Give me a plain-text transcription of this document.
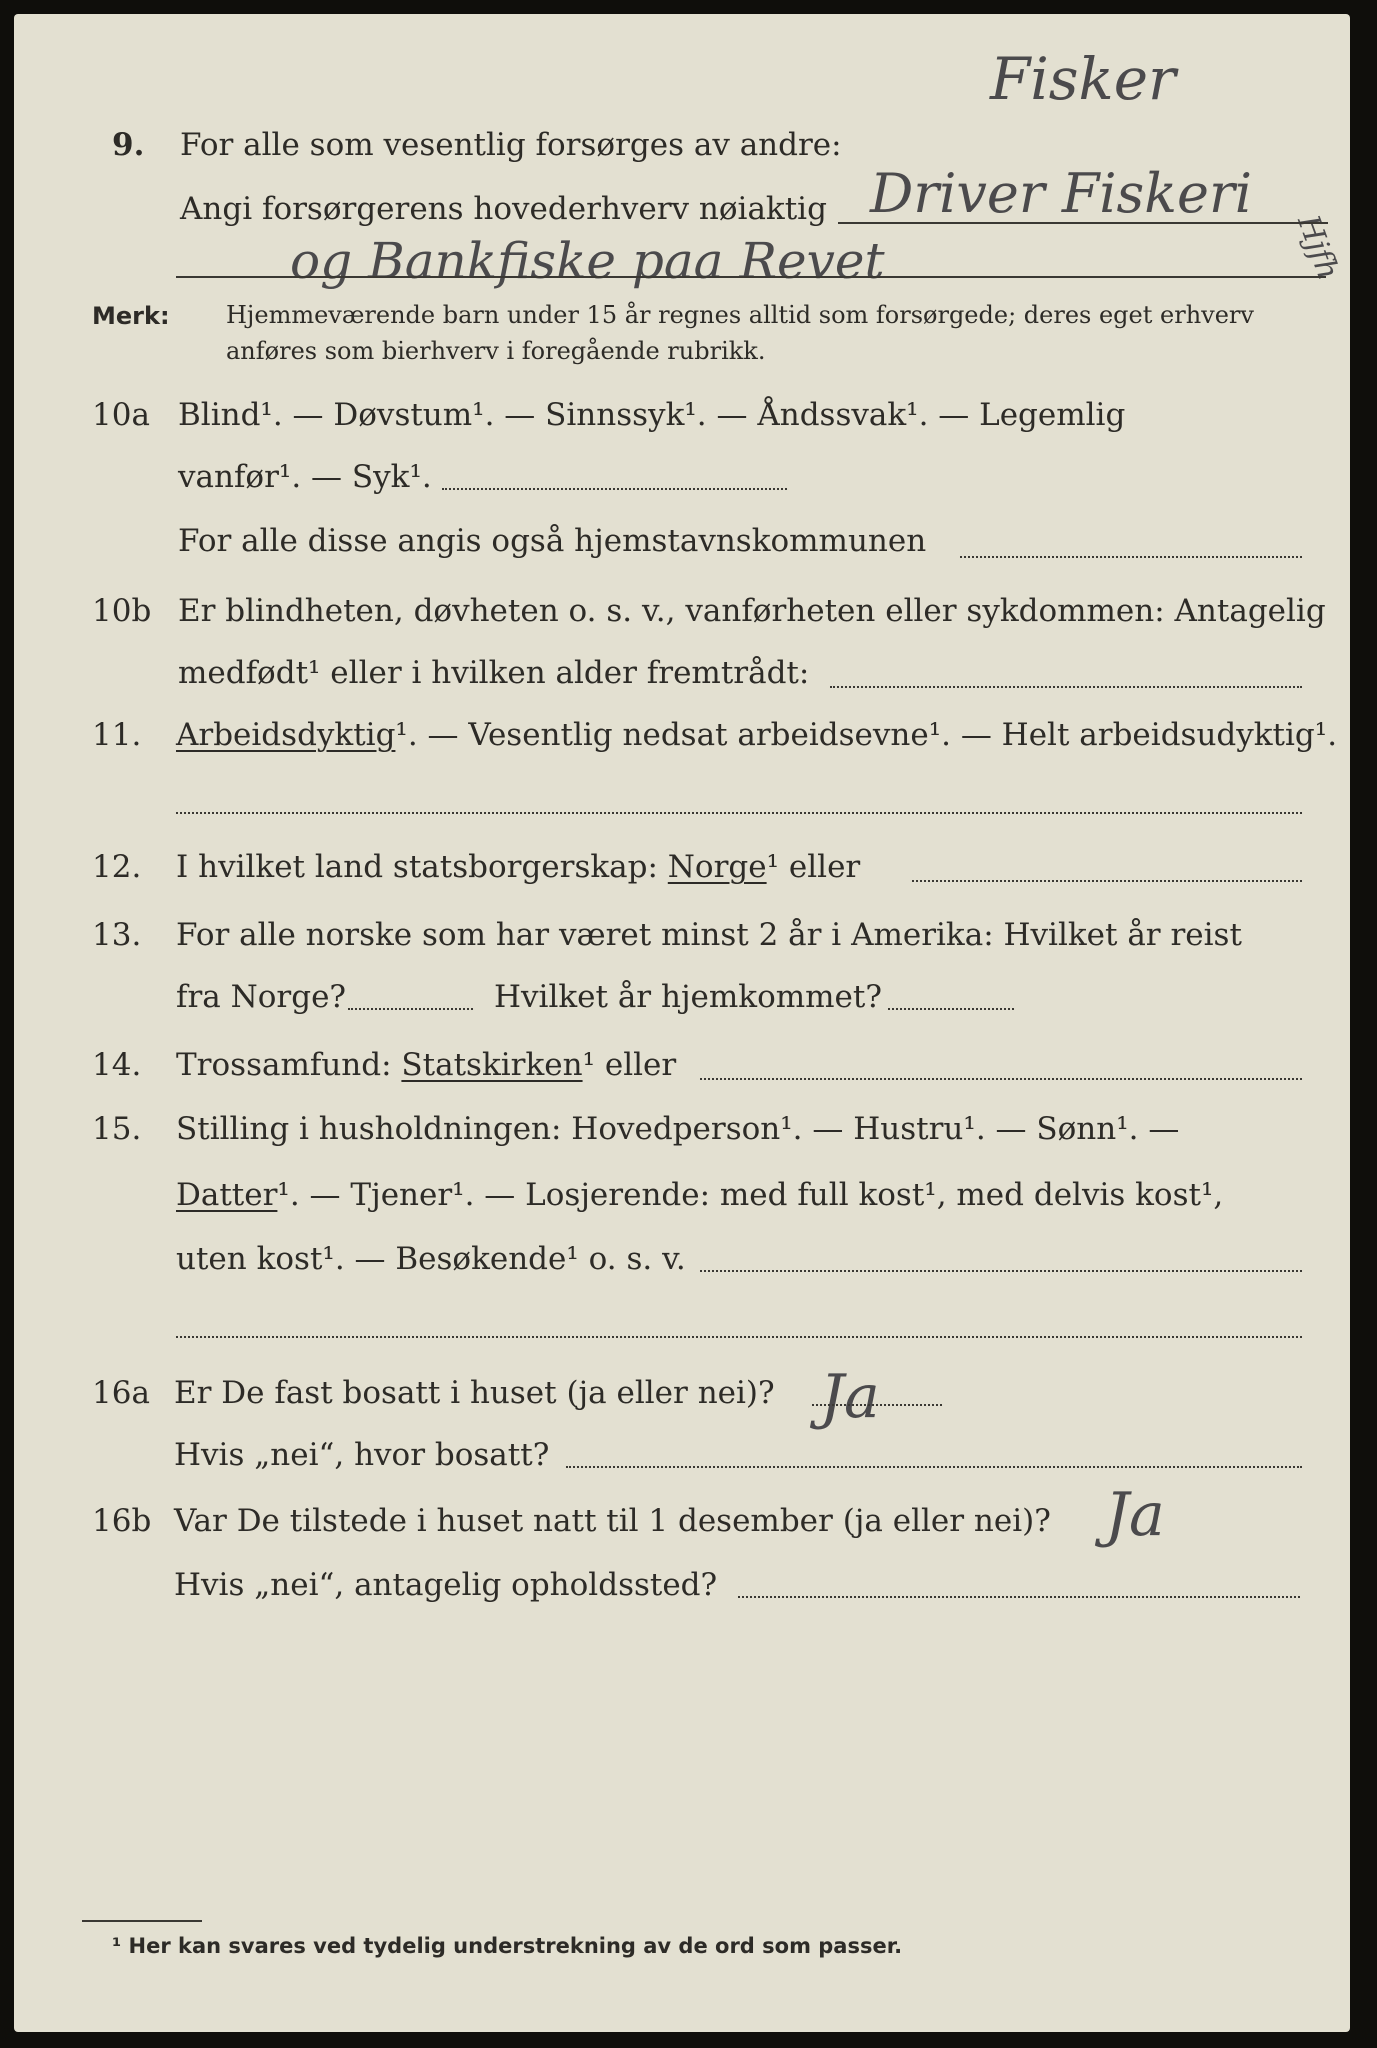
Fisker
Driver Fiskeri
og Bankfiske paa Revet	Hjfh
Ja
Ja
9. For alle som vesentlig forsørges av andre:
Angi forsørgerens hovederhverv nøiaktig
Merk: Hjemmeværende barn under 15 år regnes alltid som forsørgede; deres eget erhverv
anføres som bierhverv i foregående rubrikk.
10a Blind¹. — Døvstum¹. — Sinnssyk¹. — Åndssvak¹. — Legemlig
vanfør¹. — Syk¹.
For alle disse angis også hjemstavnskommunen
10b Er blindheten, døvheten o. s. v., vanførheten eller sykdommen: Antagelig
medfødt¹ eller i hvilken alder fremtrådt:
11. Arbeidsdyktig¹. — Vesentlig nedsat arbeidsevne¹. — Helt arbeidsudyktig¹.
12. I hvilket land statsborgerskap: Norge¹ eller
13. For alle norske som har været minst 2 år i Amerika: Hvilket år reist
fra Norge?	Hvilket år hjemkommet?
14. Trossamfund: Statskirken¹ eller
15. Stilling i husholdningen: Hovedperson¹. — Hustru¹. — Sønn¹. —
Datter¹. — Tjener¹. — Losjerende: med full kost¹, med delvis kost¹,
uten kost¹. — Besøkende¹ o. s. v.
16a Er De fast bosatt i huset (ja eller nei)?
Hvis „nei“, hvor bosatt?
16b Var De tilstede i huset natt til 1 desember (ja eller nei)?
Hvis „nei“, antagelig opholdssted?
¹ Her kan svares ved tydelig understrekning av de ord som passer.
